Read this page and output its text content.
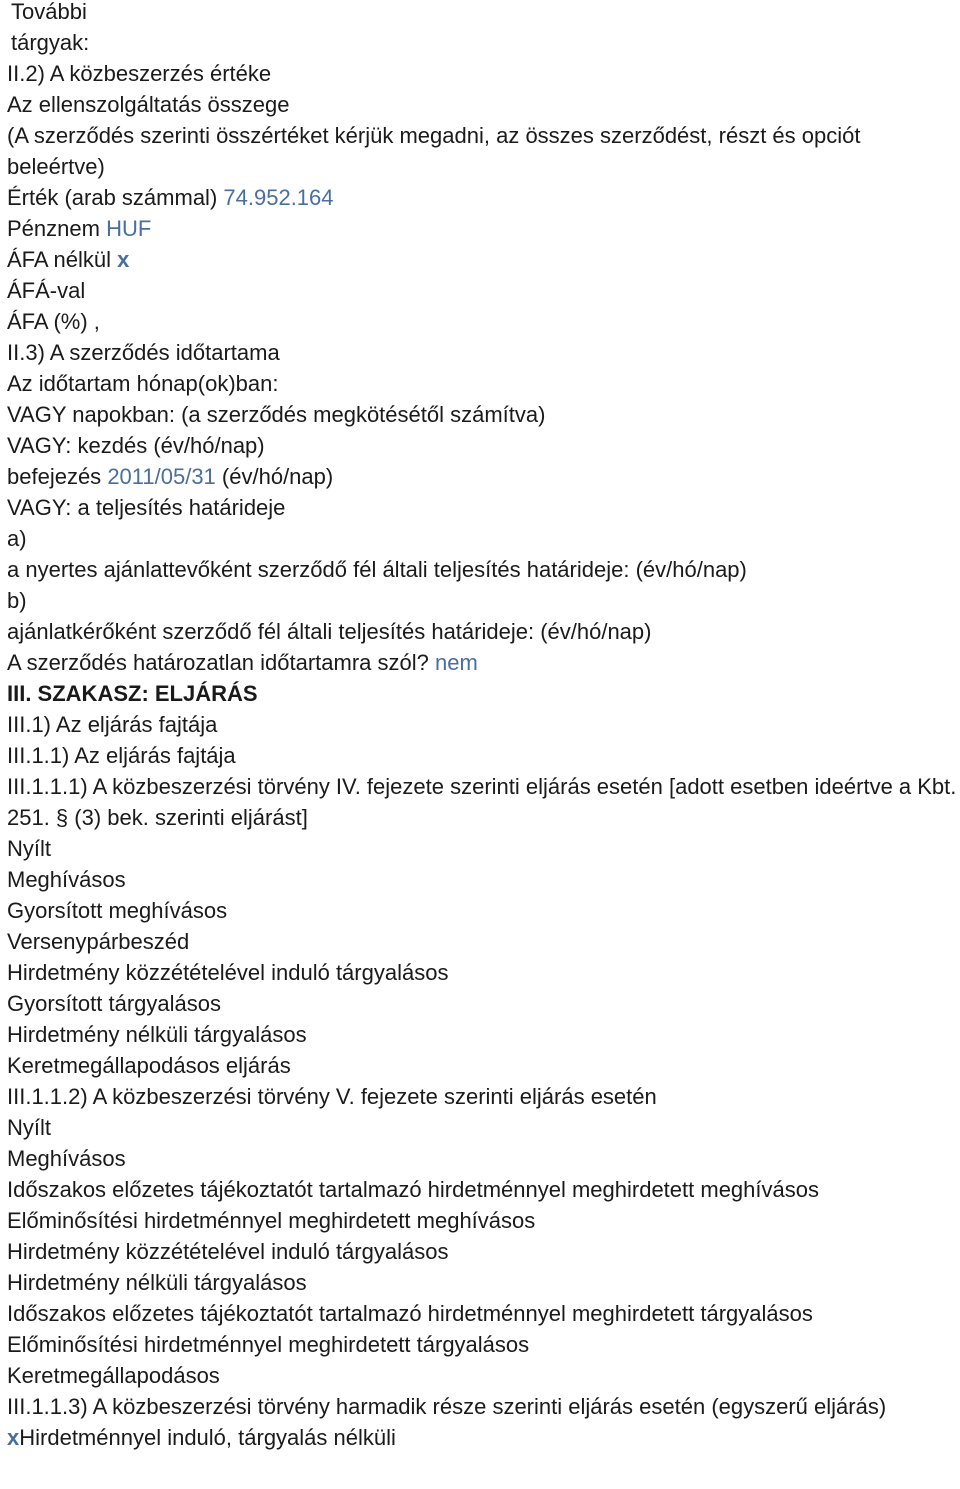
További
tárgyak:
II.2) A közbeszerzés értéke
Az ellenszolgáltatás összege
(A szerződés szerinti összértéket kérjük megadni, az összes szerződést, részt és opciót beleértve)
Érték (arab számmal) 74.952.164
Pénznem HUF
ÁFA nélkül x
ÁFÁ-val
ÁFA (%) ,
II.3) A szerződés időtartama
Az időtartam hónap(ok)ban:
VAGY napokban: (a szerződés megkötésétől számítva)
VAGY: kezdés (év/hó/nap)
befejezés 2011/05/31 (év/hó/nap)
VAGY: a teljesítés határideje
a)
a nyertes ajánlattevőként szerződő fél általi teljesítés határideje: (év/hó/nap)
b)
ajánlatkérőként szerződő fél általi teljesítés határideje: (év/hó/nap)
A szerződés határozatlan időtartamra szól? nem
III. SZAKASZ: ELJÁRÁS
III.1) Az eljárás fajtája
III.1.1) Az eljárás fajtája
III.1.1.1) A közbeszerzési törvény IV. fejezete szerinti eljárás esetén [adott esetben ideértve a Kbt. 251. § (3) bek. szerinti eljárást]
Nyílt
Meghívásos
Gyorsított meghívásos
Versenypárbeszéd
Hirdetmény közzétételével induló tárgyalásos
Gyorsított tárgyalásos
Hirdetmény nélküli tárgyalásos
Keretmegállapodásos eljárás
III.1.1.2) A közbeszerzési törvény V. fejezete szerinti eljárás esetén
Nyílt
Meghívásos
Időszakos előzetes tájékoztatót tartalmazó hirdetménnyel meghirdetett meghívásos
Előminősítési hirdetménnyel meghirdetett meghívásos
Hirdetmény közzétételével induló tárgyalásos
Hirdetmény nélküli tárgyalásos
Időszakos előzetes tájékoztatót tartalmazó hirdetménnyel meghirdetett tárgyalásos
Előminősítési hirdetménnyel meghirdetett tárgyalásos
Keretmegállapodásos
III.1.1.3) A közbeszerzési törvény harmadik része szerinti eljárás esetén (egyszerű eljárás)
xHirdetménnyel induló, tárgyalás nélküli
